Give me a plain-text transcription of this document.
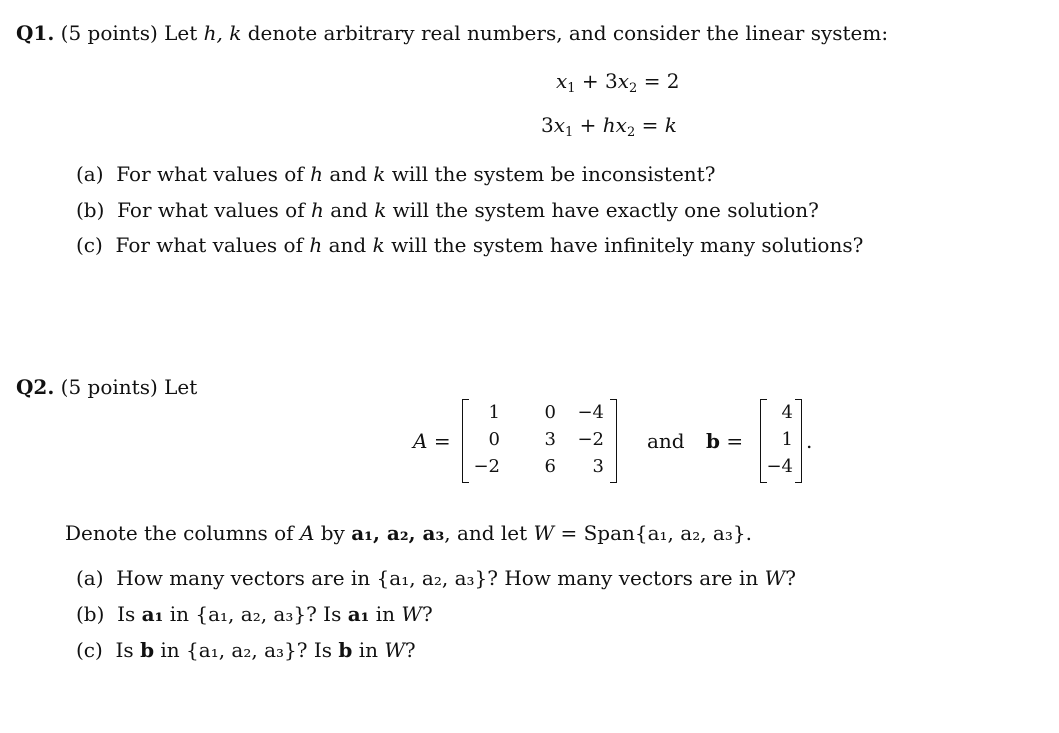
Q1. (5 points) Let h, k denote arbitrary real numbers, and consider the linear system:
$x_1 + 3x_2 = 2$
$3x_1 + hx_2 = k$
(a) For what values of h and k will the system be inconsistent?
(b) For what values of h and k will the system have exactly one solution?
(c) For what values of h and k will the system have infinitely many solutions?
Q2. (5 points) Let
A =
1	0	−4
0	3	−2
−2	6	3
and b =
4
1
−4
.
Denote the columns of A by a₁, a₂, a₃, and let W = Span{a₁, a₂, a₃}.
(a) How many vectors are in {a₁, a₂, a₃}? How many vectors are in W?
(b) Is a₁ in {a₁, a₂, a₃}? Is a₁ in W?
(c) Is b in {a₁, a₂, a₃}? Is b in W?
